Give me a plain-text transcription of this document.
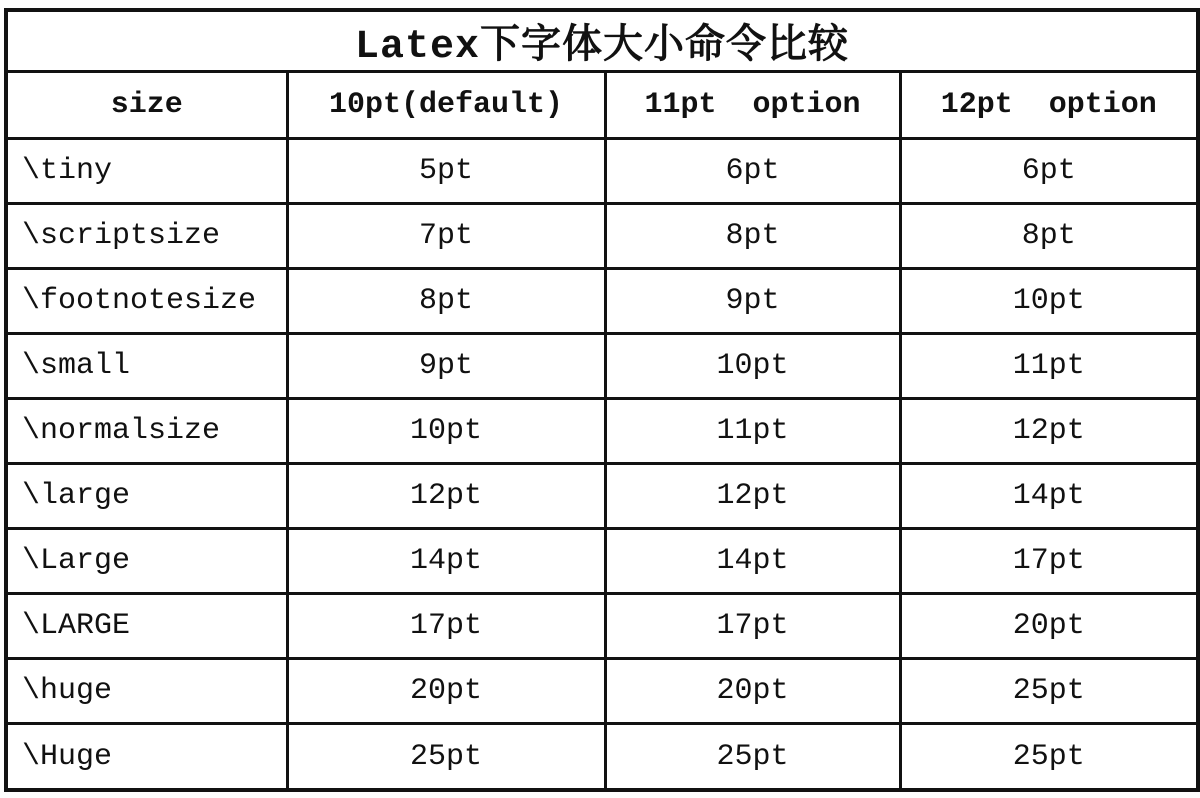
Latex下字体大小命令比较			
size	10pt(default)	11pt  option	12pt  option
\tiny	5pt	6pt	6pt
\scriptsize	7pt	8pt	8pt
\footnotesize	8pt	9pt	10pt
\small	9pt	10pt	11pt
\normalsize	10pt	11pt	12pt
\large	12pt	12pt	14pt
\Large	14pt	14pt	17pt
\LARGE	17pt	17pt	20pt
\huge	20pt	20pt	25pt
\Huge	25pt	25pt	25pt
